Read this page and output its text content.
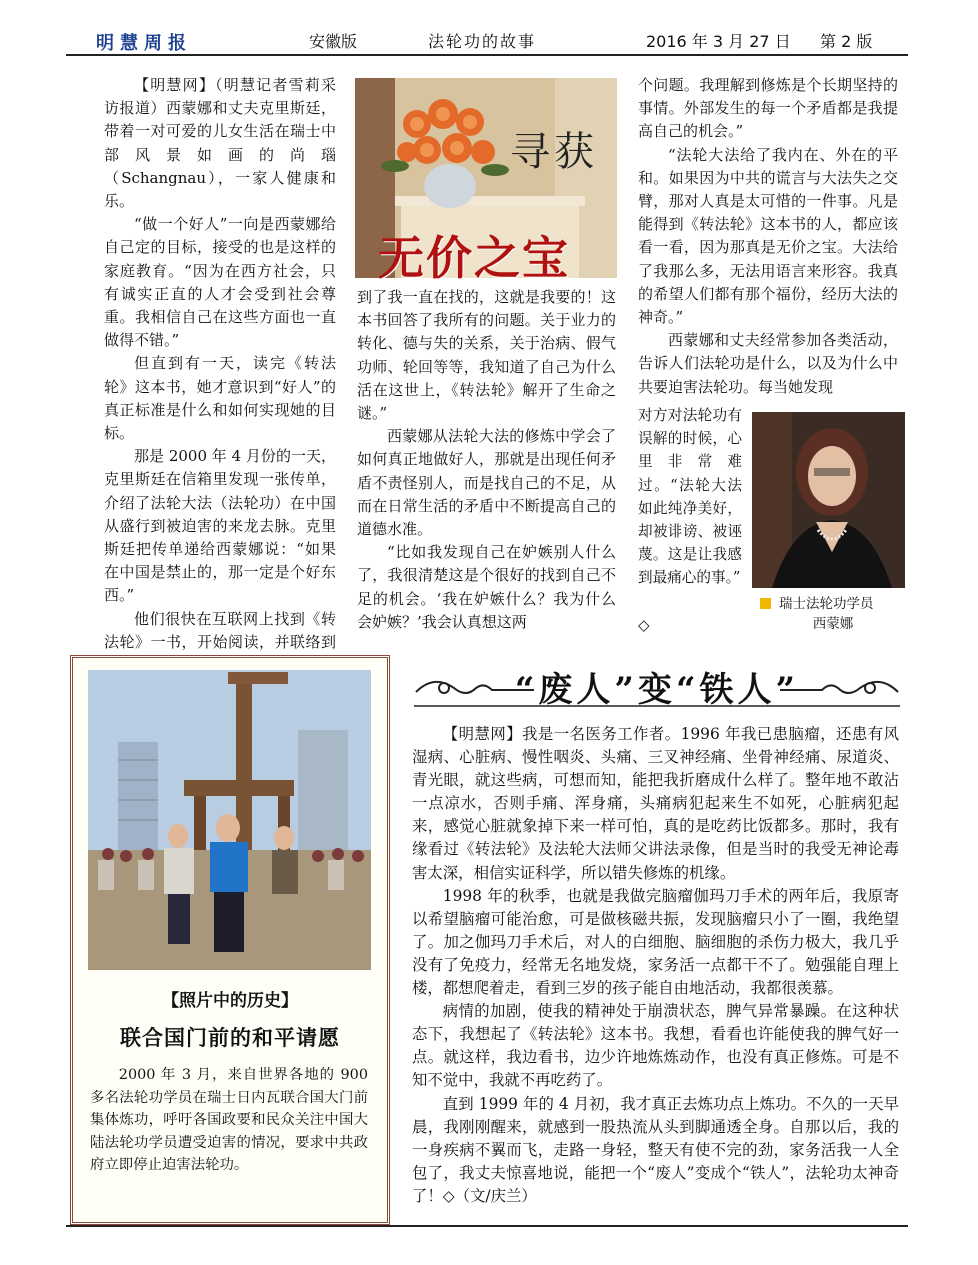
明慧周报	安徽版	法轮功的故事	2016 年 3 月 27 日 第 2 版

【明慧网】（明慧记者雪莉采访报道）西蒙娜和丈夫克里斯廷，带着一对可爱的儿女生活在瑞士中部风景如画的尚瑙（Schangnau），一家人健康和乐。

“做一个好人”一向是西蒙娜给自己定的目标，接受的也是这样的家庭教育。“因为在西方社会，只有诚实正直的人才会受到社会尊重。我相信自己在这些方面也一直做得不错。”

但直到有一天，读完《转法轮》这本书，她才意识到“好人”的真正标准是什么和如何实现她的目标。

那是 2000 年 4 月份的一天，克里斯廷在信箱里发现一张传单，介绍了法轮大法（法轮功）在中国从盛行到被迫害的来龙去脉。克里斯廷把传单递给西蒙娜说：“如果在中国是禁止的，那一定是个好东西。”

他们很快在互联网上找到《转法轮》一书，开始阅读，并联络到

寻获
无价之宝

到了我一直在找的，这就是我要的！这本书回答了我所有的问题。关于业力的转化、德与失的关系，关于治病、假气功师、轮回等等，我知道了自己为什么活在这世上，《转法轮》解开了生命之谜。”

西蒙娜从法轮大法的修炼中学会了如何真正地做好人，那就是出现任何矛盾不责怪别人，而是找自己的不足，从而在日常生活的矛盾中不断提高自己的道德水准。

“比如我发现自己在妒嫉别人什么了，我很清楚这是个很好的找到自己不足的机会。‘我在妒嫉什么？我为什么会妒嫉？’我会认真想这两

个问题。我理解到修炼是个长期坚持的事情。外部发生的每一个矛盾都是我提高自己的机会。”

“法轮大法给了我内在、外在的平和。如果因为中共的谎言与大法失之交臂，那对人真是太可惜的一件事。凡是能得到《转法轮》这本书的人，都应该看一看，因为那真是无价之宝。大法给了我那么多，无法用语言来形容。我真的希望人们都有那个福份，经历大法的神奇。”

西蒙娜和丈夫经常参加各类活动，告诉人们法轮功是什么，以及为什么中共要迫害法轮功。每当她发现

对方对法轮功有误解的时候，心里非常难过。“法轮大法如此纯净美好，却被诽谤、被诬蔑。这是让我感到最痛心的事。”
◇
瑞士法轮功学员
西蒙娜
【照片中的历史】
联合国门前的和平请愿

2000 年 3 月，来自世界各地的 900 多名法轮功学员在瑞士日内瓦联合国大门前集体炼功，呼吁各国政要和民众关注中国大陆法轮功学员遭受迫害的情况，要求中共政府立即停止迫害法轮功。

“废人”变“铁人”

【明慧网】我是一名医务工作者。1996 年我已患脑瘤，还患有风湿病、心脏病、慢性咽炎、头痛、三叉神经痛、坐骨神经痛、尿道炎、青光眼，就这些病，可想而知，能把我折磨成什么样了。整年地不敢沾一点凉水，否则手痛、浑身痛，头痛病犯起来生不如死，心脏病犯起来，感觉心脏就象掉下来一样可怕，真的是吃药比饭都多。那时，我有缘看过《转法轮》及法轮大法师父讲法录像，但是当时的我受无神论毒害太深，相信实证科学，所以错失修炼的机缘。

1998 年的秋季，也就是我做完脑瘤伽玛刀手术的两年后，我原寄以希望脑瘤可能治愈，可是做核磁共振，发现脑瘤只小了一圈，我绝望了。加之伽玛刀手术后，对人的白细胞、脑细胞的杀伤力极大，我几乎没有了免疫力，经常无名地发烧，家务活一点都干不了。勉强能自理上楼，都想爬着走，看到三岁的孩子能自由地活动，我都很羡慕。

病情的加剧，使我的精神处于崩溃状态，脾气异常暴躁。在这种状态下，我想起了《转法轮》这本书。我想，看看也许能使我的脾气好一点。就这样，我边看书，边少许地炼炼动作，也没有真正修炼。可是不知不觉中，我就不再吃药了。

直到 1999 年的 4 月初，我才真正去炼功点上炼功。不久的一天早晨，我刚刚醒来，就感到一股热流从头到脚通透全身。自那以后，我的一身疾病不翼而飞，走路一身轻，整天有使不完的劲，家务活我一人全包了，我丈夫惊喜地说，能把一个“废人”变成个“铁人”，法轮功太神奇了！◇（文/庆兰）
